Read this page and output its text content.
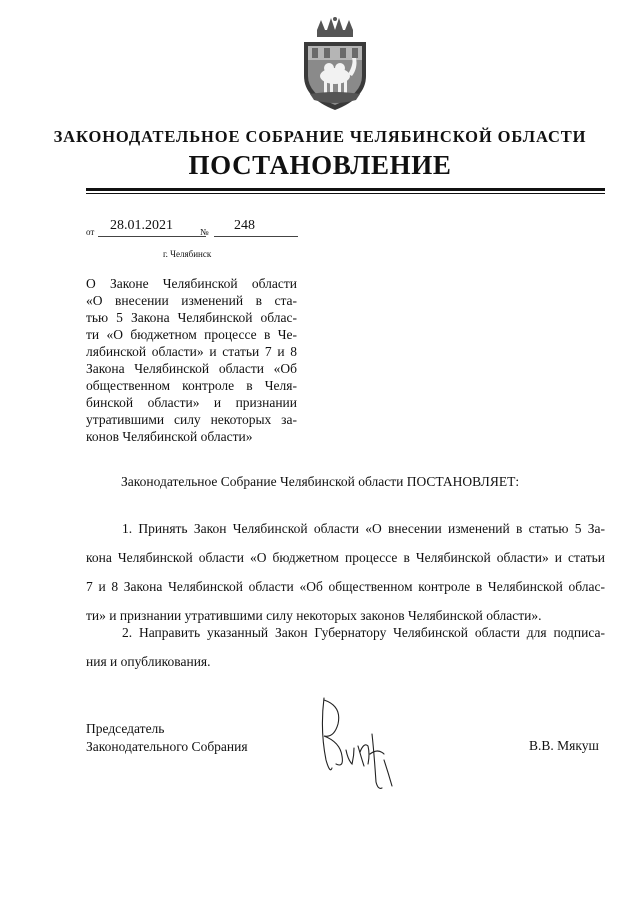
ЗАКОНОДАТЕЛЬНОЕ СОБРАНИЕ ЧЕЛЯБИНСКОЙ ОБЛАСТИ
ПОСТАНОВЛЕНИЕ
от 28.01.2021	№ 248
г. Челябинск
О Законе Челябинской области
«О внесении изменений в ста-
тью 5 Закона Челябинской облас-
ти «О бюджетном процессе в Че-
лябинской области» и статьи 7 и 8
Закона Челябинской области «Об
общественном контроле в Челя-
бинской области» и признании
утратившими силу некоторых за-
конов Челябинской области»
Законодательное Собрание Челябинской области ПОСТАНОВЛЯЕТ:
1. Принять Закон Челябинской области «О внесении изменений в статью 5 За-
кона Челябинской области «О бюджетном процессе в Челябинской области» и статьи
7 и 8 Закона Челябинской области «Об общественном контроле в Челябинской облас-
ти» и признании утратившими силу некоторых законов Челябинской области».
2. Направить указанный Закон Губернатору Челябинской области для подписа-
ния и опубликования.
Председатель
Законодательного Собрания	В.В. Мякуш
